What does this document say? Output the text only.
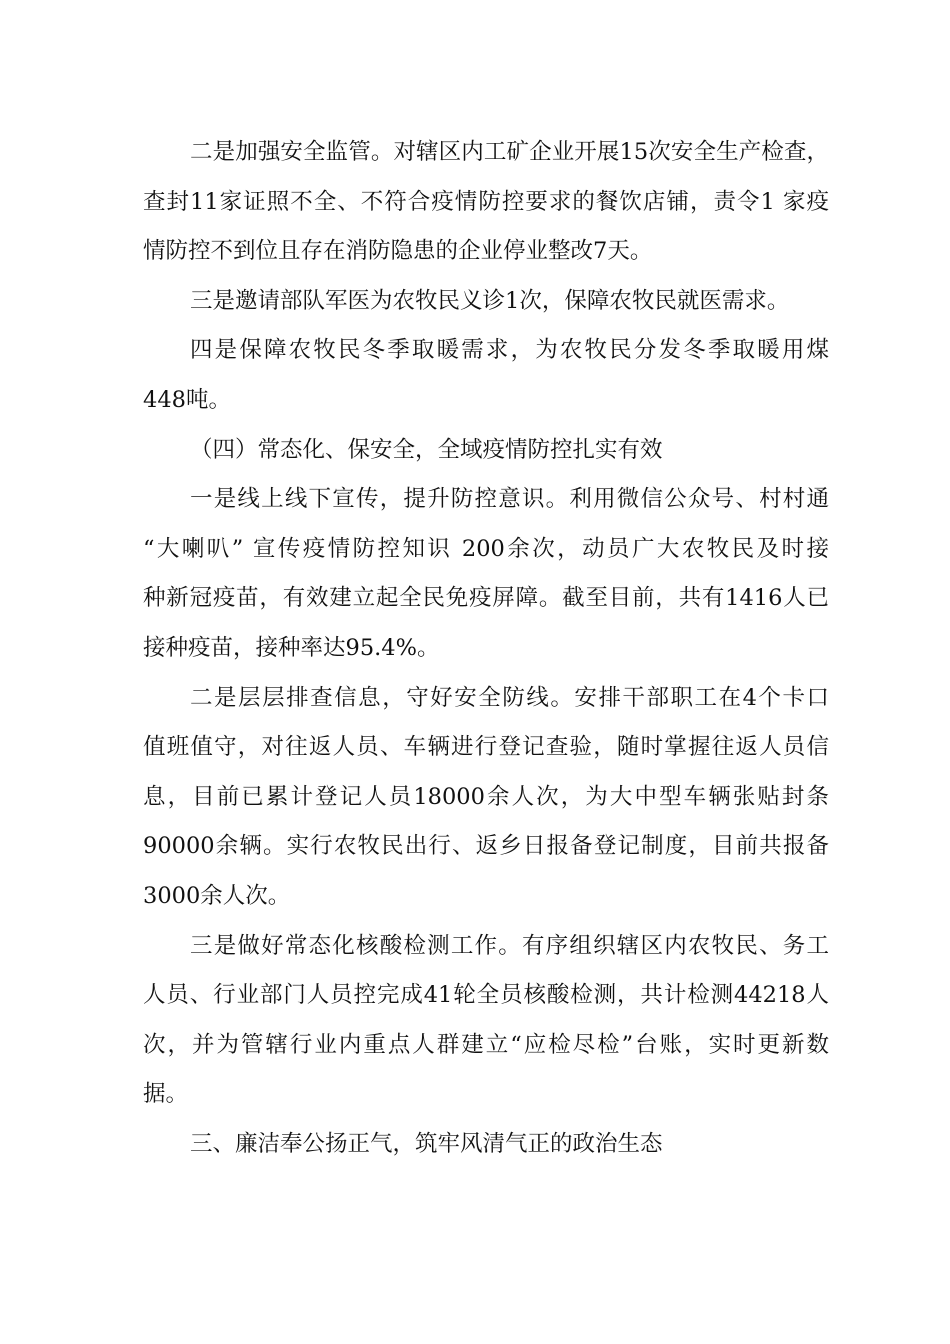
二是加强安全监管。对辖区内工矿企业开展15次安全生产检查，
查封11家证照不全、不符合疫情防控要求的餐饮店铺，责令1 家疫
情防控不到位且存在消防隐患的企业停业整改7天。
三是邀请部队军医为农牧民义诊1次，保障农牧民就医需求。
四是保障农牧民冬季取暖需求，为农牧民分发冬季取暖用煤
448吨。
（四）常态化、保安全，全域疫情防控扎实有效
一是线上线下宣传，提升防控意识。利用微信公众号、村村通
“大喇叭” 宣传疫情防控知识 200余次，动员广大农牧民及时接
种新冠疫苗，有效建立起全民免疫屏障。截至目前，共有1416人已
接种疫苗，接种率达95.4%。
二是层层排查信息，守好安全防线。安排干部职工在4个卡口
值班值守，对往返人员、车辆进行登记查验，随时掌握往返人员信
息，目前已累计登记人员18000余人次，为大中型车辆张贴封条
90000余辆。实行农牧民出行、返乡日报备登记制度，目前共报备
3000余人次。
三是做好常态化核酸检测工作。有序组织辖区内农牧民、务工
人员、行业部门人员控完成41轮全员核酸检测，共计检测44218人
次，并为管辖行业内重点人群建立“应检尽检”台账，实时更新数
据。
三、廉洁奉公扬正气，筑牢风清气正的政治生态
